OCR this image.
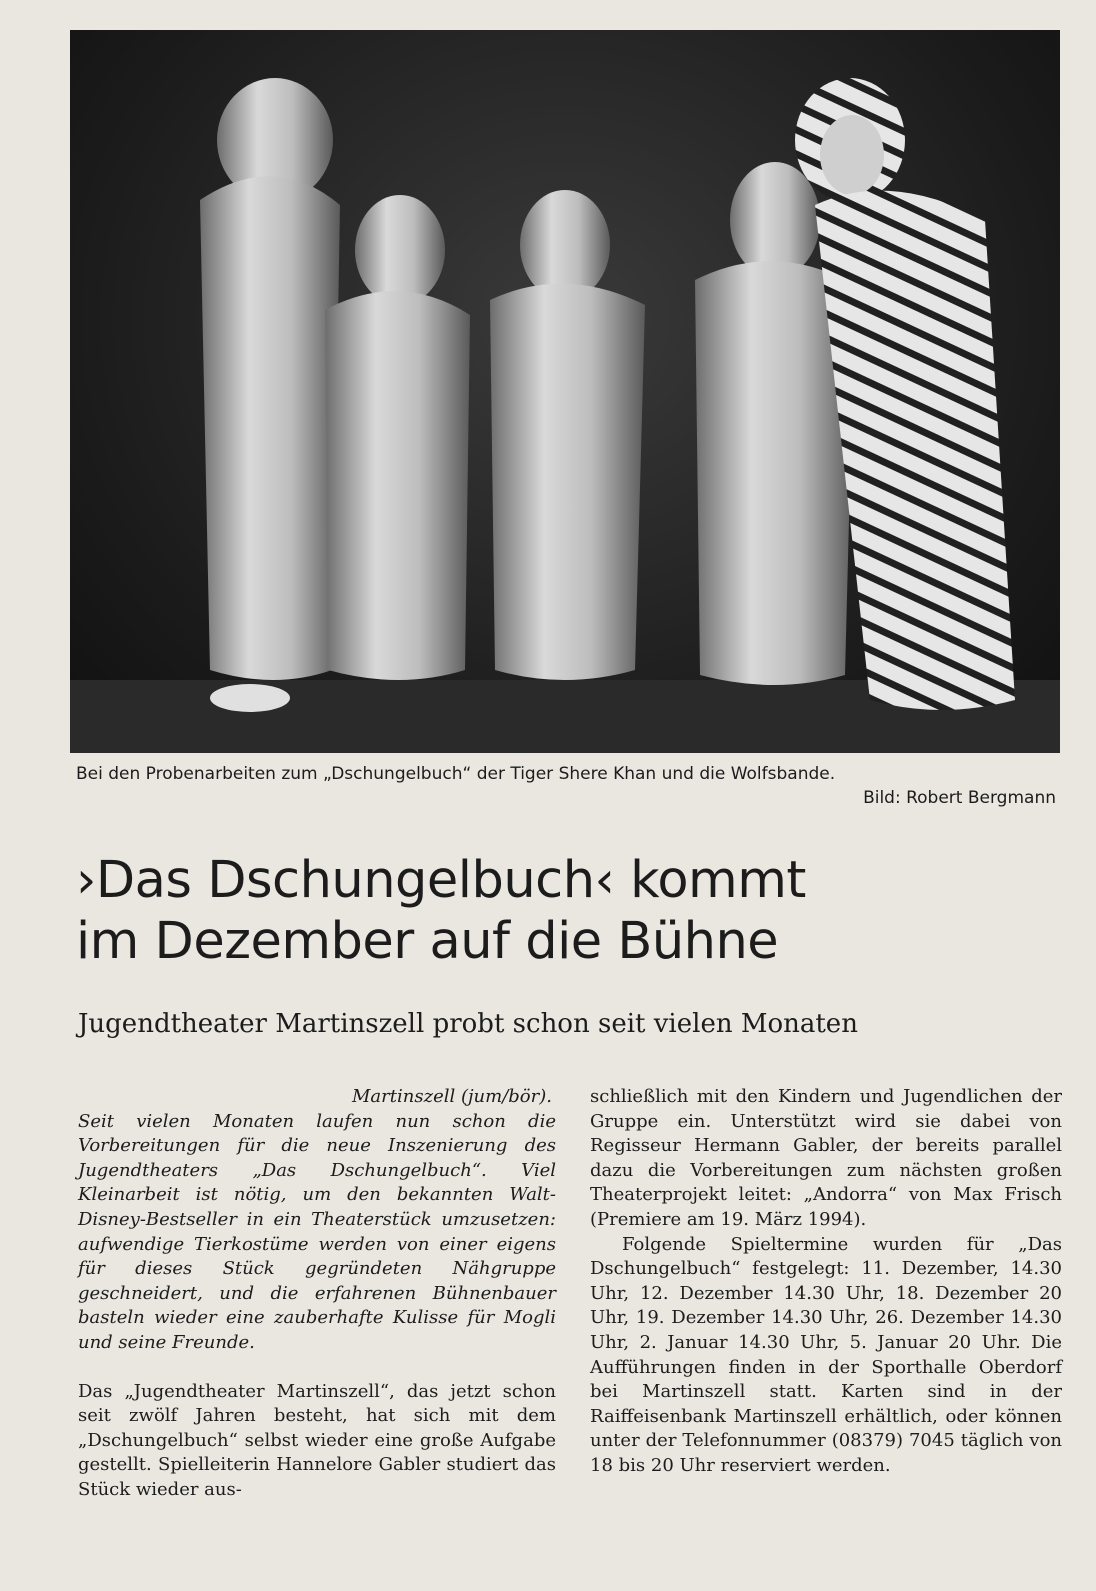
Bei den Probenarbeiten zum „Dschungelbuch“ der Tiger Shere Khan und die Wolfsbande.
Bild: Robert Bergmann
›Das Dschungelbuch‹ kommt
im Dezember auf die Bühne
Jugendtheater Martinszell probt schon seit vielen Monaten

Martinszell (jum/bör).
Seit vielen Monaten laufen nun schon die Vorbereitungen für die neue Inszenierung des Jugendtheaters „Das Dschungelbuch“. Viel Kleinarbeit ist nötig, um den bekannten Walt-Disney-Bestseller in ein Theaterstück umzusetzen: aufwendige Tierkostüme werden von einer eigens für dieses Stück gegründeten Nähgruppe geschneidert, und die erfahrenen Bühnenbauer basteln wieder eine zauberhafte Kulisse für Mogli und seine Freunde.

Das „Jugendtheater Martinszell“, das jetzt schon seit zwölf Jahren besteht, hat sich mit dem „Dschungelbuch“ selbst wieder eine große Aufgabe gestellt. Spielleiterin Hannelore Gabler studiert das Stück wieder aus-

schließlich mit den Kindern und Jugendlichen der Gruppe ein. Unterstützt wird sie dabei von Regisseur Hermann Gabler, der bereits parallel dazu die Vorbereitungen zum nächsten großen Theaterprojekt leitet: „Andorra“ von Max Frisch (Premiere am 19. März 1994).

Folgende Spieltermine wurden für „Das Dschungelbuch“ festgelegt: 11. Dezember, 14.30 Uhr, 12. Dezember 14.30 Uhr, 18. Dezember 20 Uhr, 19. Dezember 14.30 Uhr, 26. Dezember 14.30 Uhr, 2. Januar 14.30 Uhr, 5. Januar 20 Uhr. Die Aufführungen finden in der Sporthalle Oberdorf bei Martinszell statt. Karten sind in der Raiffeisenbank Martinszell erhältlich, oder können unter der Telefonnummer (08379) 7045 täglich von 18 bis 20 Uhr reserviert werden.
